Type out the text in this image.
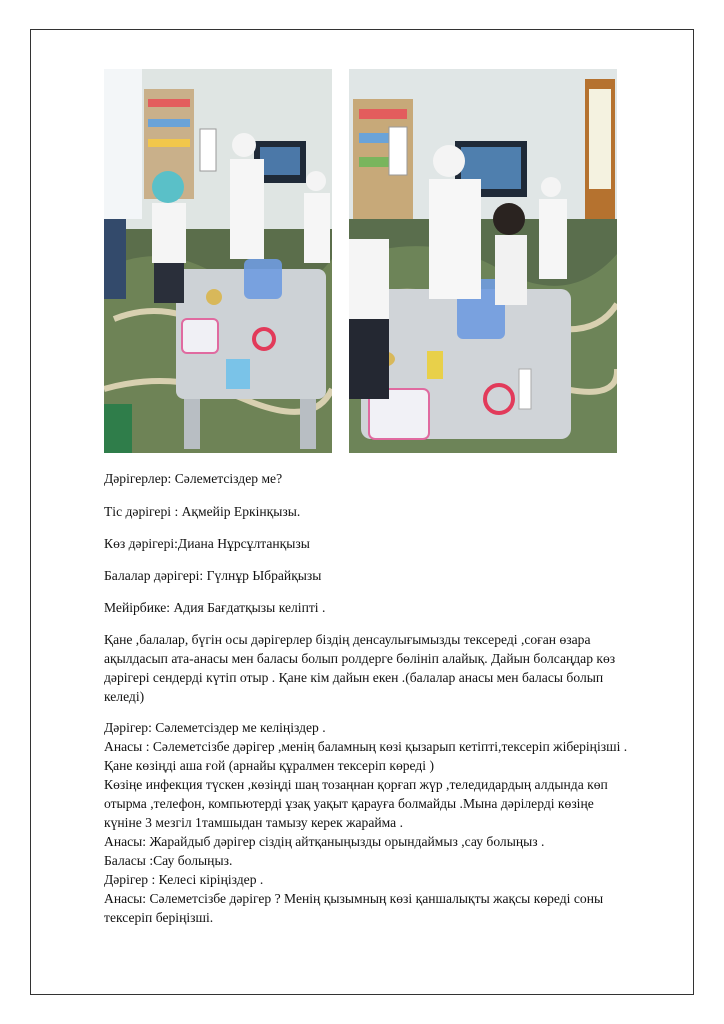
Дәрігерлер: Сәлеметсіздер ме?
Тіс дәрігері : Ақмейір Еркінқызы.
Көз дәрігері:Диана Нұрсұлтанқызы
Балалар дәрігері: Гүлнұр Ыбрайқызы
Мейірбике: Адия Бағдатқызы келіпті .
Қане ,балалар, бүгін осы дәрігерлер біздің денсаулығымызды тексереді ,соған өзара
ақылдасып ата-анасы мен баласы болып ролдерге бөлініп алайық. Дайын болсаңдар көз
дәрігері сендерді күтіп отыр . Қане кім дайын екен .(балалар анасы мен баласы болып
келеді)
Дәрігер: Сәлеметсіздер ме келіңіздер .
Анасы : Сәлеметсізбе дәрігер ,менің баламның көзі қызарып кетіпті,тексеріп жіберіңізші .
Қане көзіңді аша ғой (арнайы құралмен тексеріп көреді )
Көзіңе инфекция түскен ,көзіңді шаң тозаңнан қорғап жүр ,теледидардың алдында көп
отырма ,телефон, компьютерді ұзақ уақыт қарауға болмайды .Мына дәрілерді көзіңе
күніне 3 мезгіл 1тамшыдан тамызу керек жарайма .
Анасы: Жарайдыб дәрігер сіздің айтқаныңызды орындаймыз ,сау болыңыз .
Баласы :Сау болыңыз.
Дәрігер : Келесі кіріңіздер .
Анасы: Сәлеметсізбе дәрігер ? Менің қызымның көзі қаншалықты жақсы көреді соны
тексеріп беріңізші.
